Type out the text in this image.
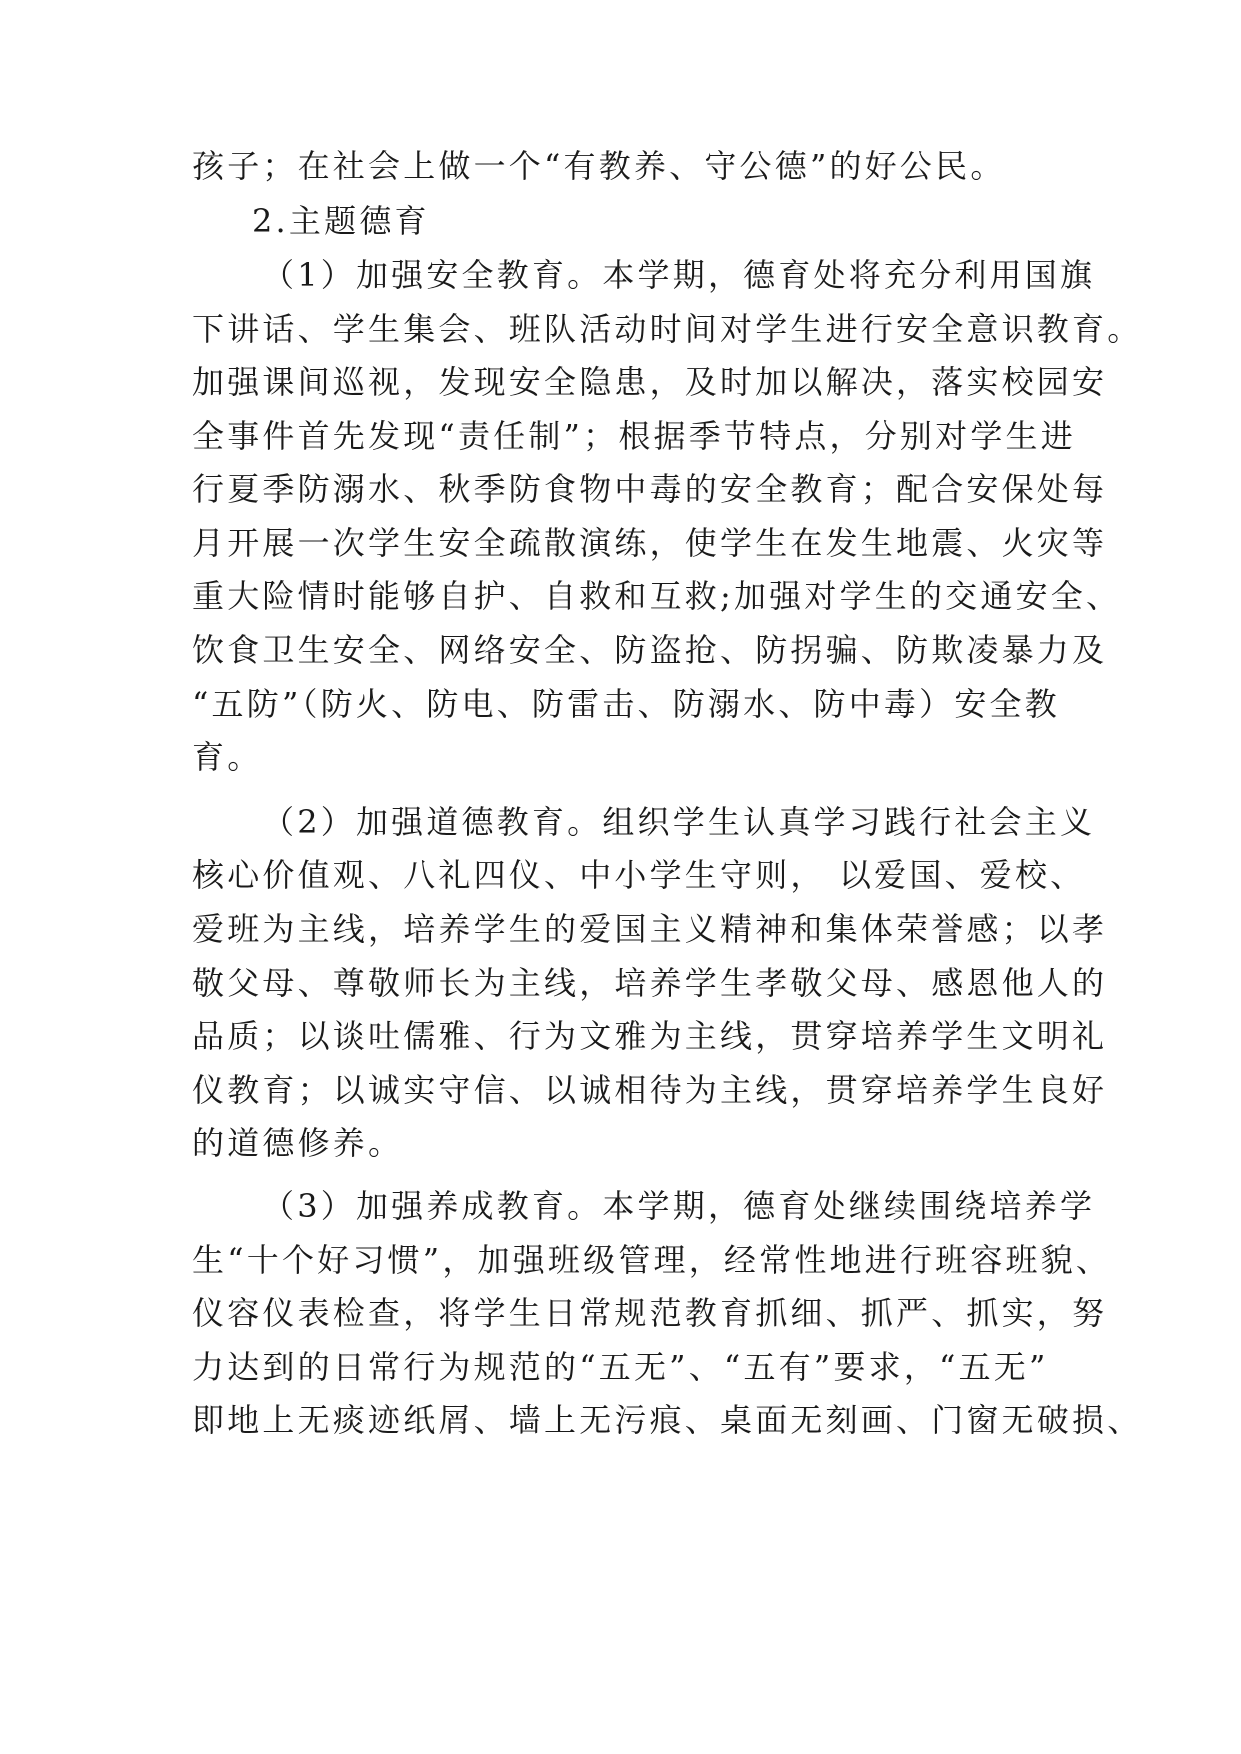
孩子；在社会上做一个“有教养、守公德”的好公民。
2.主题德育
（1）加强安全教育。本学期，德育处将充分利用国旗
下讲话、学生集会、班队活动时间对学生进行安全意识教育。
加强课间巡视，发现安全隐患，及时加以解决，落实校园安
全事件首先发现“责任制”；根据季节特点，分别对学生进
行夏季防溺水、秋季防食物中毒的安全教育；配合安保处每
月开展一次学生安全疏散演练，使学生在发生地震、火灾等
重大险情时能够自护、自救和互救;加强对学生的交通安全、
饮食卫生安全、网络安全、防盗抢、防拐骗、防欺凌暴力及
“五防”（防火、防电、防雷击、防溺水、防中毒）安全教
育。
（2）加强道德教育。组织学生认真学习践行社会主义
核心价值观、八礼四仪、中小学生守则， 以爱国、爱校、
爱班为主线，培养学生的爱国主义精神和集体荣誉感；以孝
敬父母、尊敬师长为主线，培养学生孝敬父母、感恩他人的
品质；以谈吐儒雅、行为文雅为主线，贯穿培养学生文明礼
仪教育；以诚实守信、以诚相待为主线，贯穿培养学生良好
的道德修养。
（3）加强养成教育。本学期，德育处继续围绕培养学
生“十个好习惯”，加强班级管理，经常性地进行班容班貌、
仪容仪表检查，将学生日常规范教育抓细、抓严、抓实，努
力达到的日常行为规范的“五无”、“五有”要求，“五无”
即地上无痰迹纸屑、墙上无污痕、桌面无刻画、门窗无破损、
